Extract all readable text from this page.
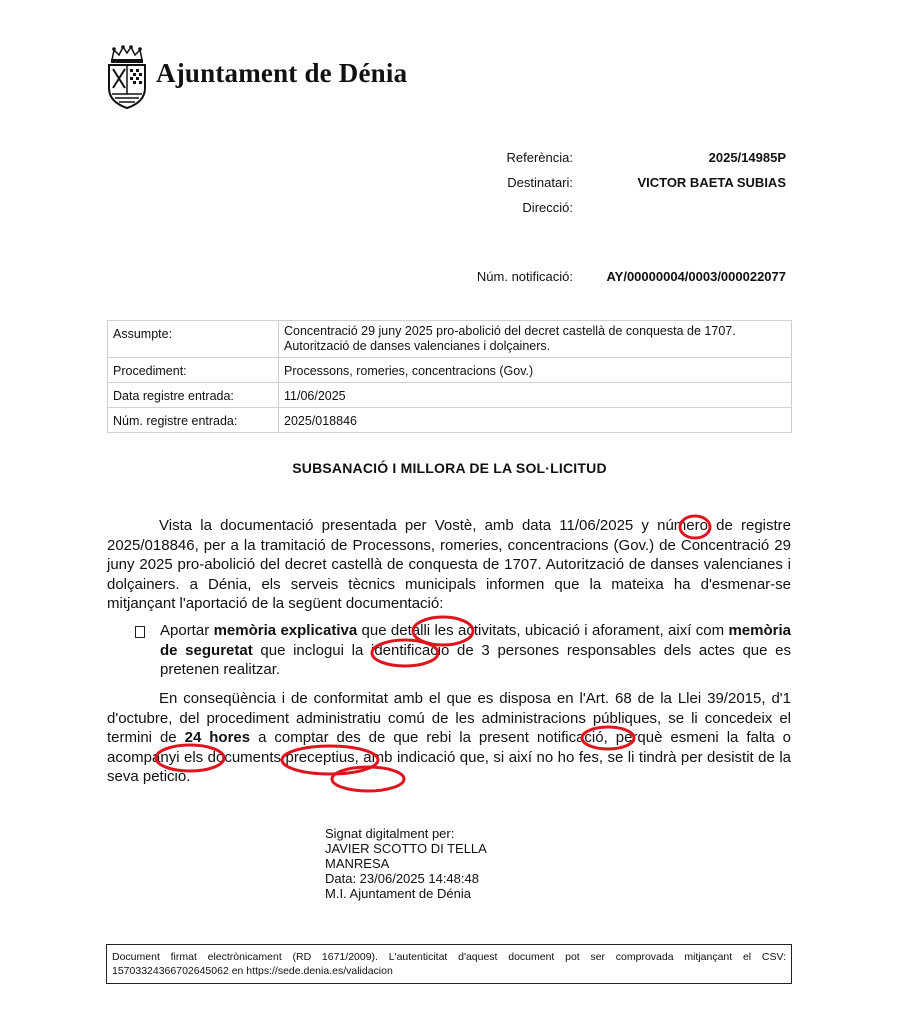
Ajuntament de Dénia
Referència:	2025/14985P
Destinatari:	VICTOR BAETA SUBIAS
Direcció:
Núm. notificació:	AY/00000004/0003/000022077
Assumpte:	Concentració 29 juny 2025 pro-abolició del decret castellà de conquesta de 1707.
Autorització de danses valencianes i dolçainers.

Procediment:	Processons, romeries, concentracions (Gov.)
Data registre entrada:	11/06/2025
Núm. registre entrada:	2025/018846
SUBSANACIÓ I MILLORA DE LA SOL·LICITUD
Vista la documentació presentada per Vostè, amb data 11/06/2025 y número de registre 2025/018846, per a la tramitació de Processons, romeries, concentracions (Gov.) de Concentració 29 juny 2025 pro-abolició del decret castellà de conquesta de 1707. Autorització de danses valencianes i dolçainers. a Dénia, els serveis tècnics municipals informen que la mateixa ha d'esmenar-se mitjançant l'aportació de la següent documentació:
Aportar memòria explicativa que detalli les activitats, ubicació i aforament, així com memòria de seguretat que inclogui la identificació de 3 persones responsables dels actes que es pretenen realitzar.
En conseqüència i de conformitat amb el que es disposa en l'Art. 68 de la Llei 39/2015, d'1 d'octubre, del procediment administratiu comú de les administracions públiques, se li concedeix el termini de 24 hores a comptar des de que rebi la present notificació, perquè esmeni la falta o acompanyi els documents preceptius, amb indicació que, si així no ho fes, se li tindrà per desistit de la seva petició.
Signat digitalment per:
JAVIER SCOTTO DI TELLA
MANRESA
Data: 23/06/2025 14:48:48
M.I. Ajuntament de Dénia
Document firmat electrònicament (RD 1671/2009). L'autenticitat d'aquest document pot ser comprovada mitjançant el CSV: 15703324366702645062 en https://sede.denia.es/validacion
